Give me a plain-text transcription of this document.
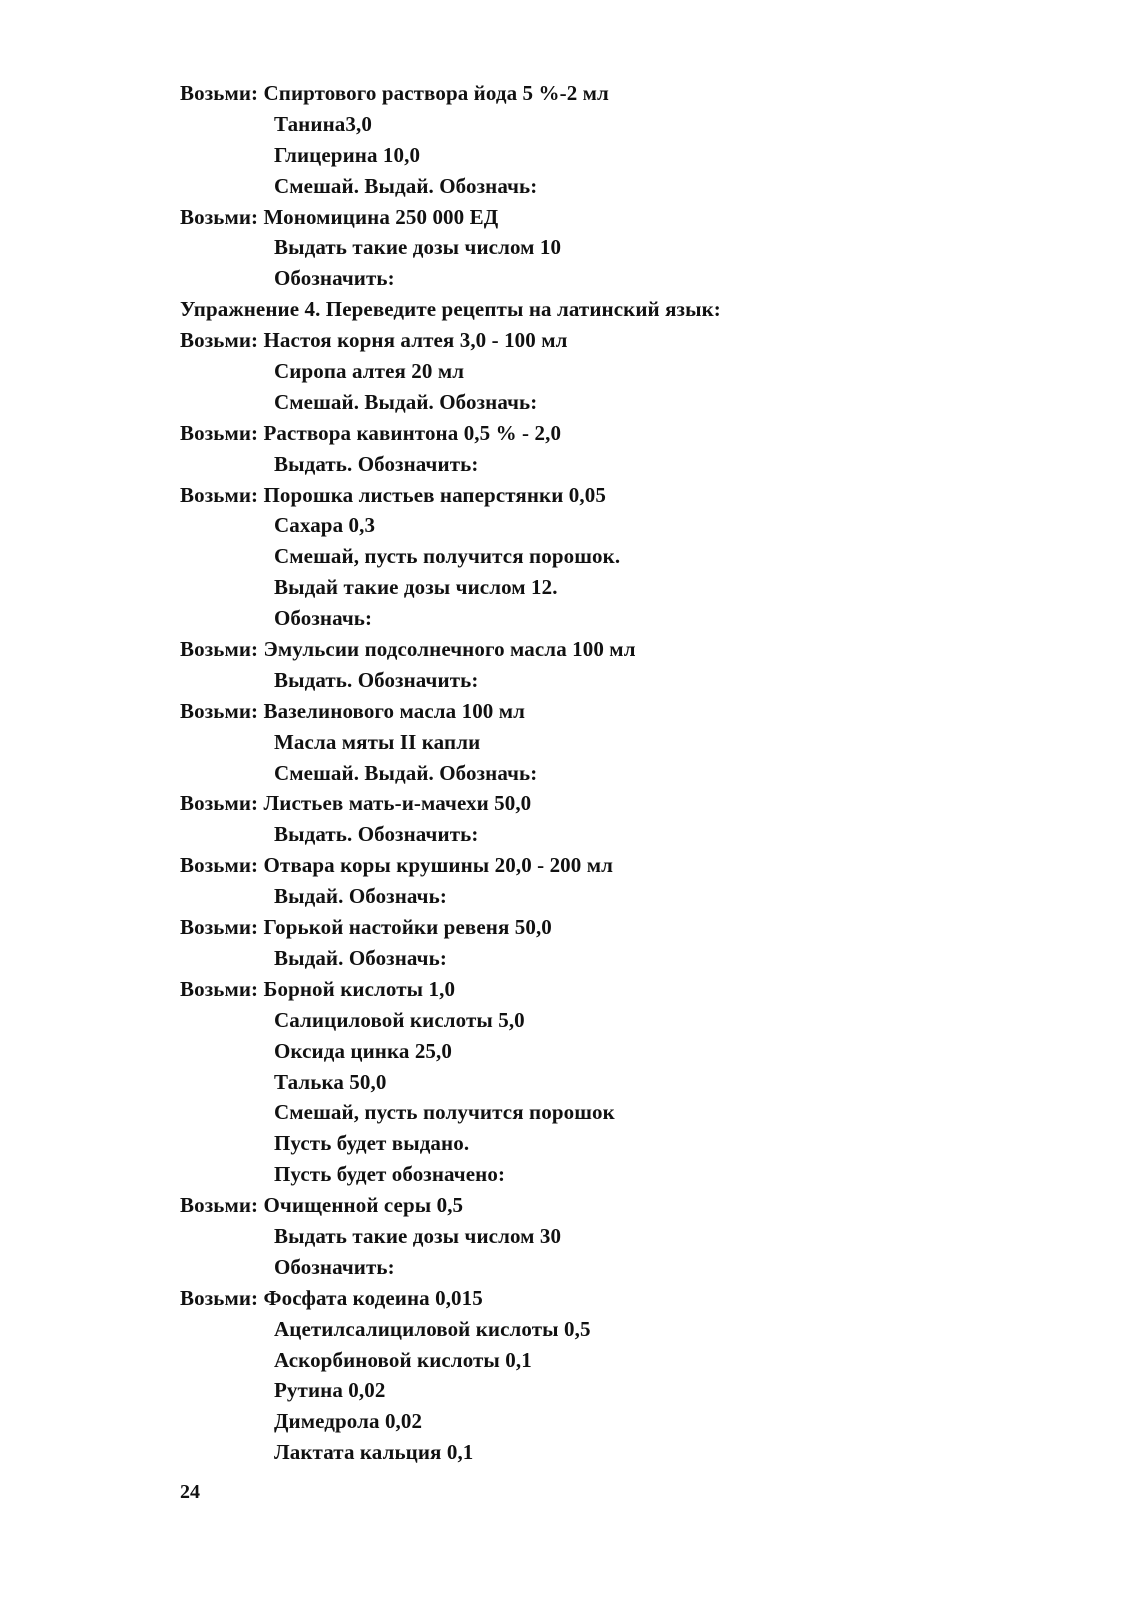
Возьми: Спиртового раствора йода 5 %-2 мл
Танина3,0
Глицерина 10,0
Смешай. Выдай. Обозначь:
Возьми: Мономицина 250 000 ЕД
Выдать такие дозы числом 10
Обозначить:
Упражнение 4. Переведите рецепты на латинский язык: Возьми: Настоя корня алтея 3,0 - 100 мл
Сиропа алтея 20 мл
Смешай. Выдай. Обозначь:
Возьми: Раствора кавинтона 0,5 % - 2,0
Выдать. Обозначить:
Возьми: Порошка листьев наперстянки 0,05
Сахара 0,3
Смешай, пусть получится порошок.
Выдай такие дозы числом 12.
Обозначь:
Возьми: Эмульсии подсолнечного масла 100 мл
Выдать. Обозначить:
Возьми: Вазелинового масла 100 мл
Масла мяты II капли
Смешай. Выдай. Обозначь:
Возьми: Листьев мать-и-мачехи 50,0
Выдать. Обозначить:
Возьми: Отвара коры крушины 20,0 - 200 мл
Выдай. Обозначь:
Возьми: Горькой настойки ревеня 50,0
Выдай. Обозначь:
Возьми: Борной кислоты 1,0
Салициловой кислоты 5,0
Оксида цинка 25,0
Талька 50,0
Смешай, пусть получится порошок
Пусть будет выдано.
Пусть будет обозначено:
Возьми: Очищенной серы 0,5
Выдать такие дозы числом 30
Обозначить:
Возьми: Фосфата кодеина 0,015
Ацетилсалициловой кислоты 0,5
Аскорбиновой кислоты 0,1
Рутина 0,02
Димедрола 0,02
Лактата кальция 0,1
24
